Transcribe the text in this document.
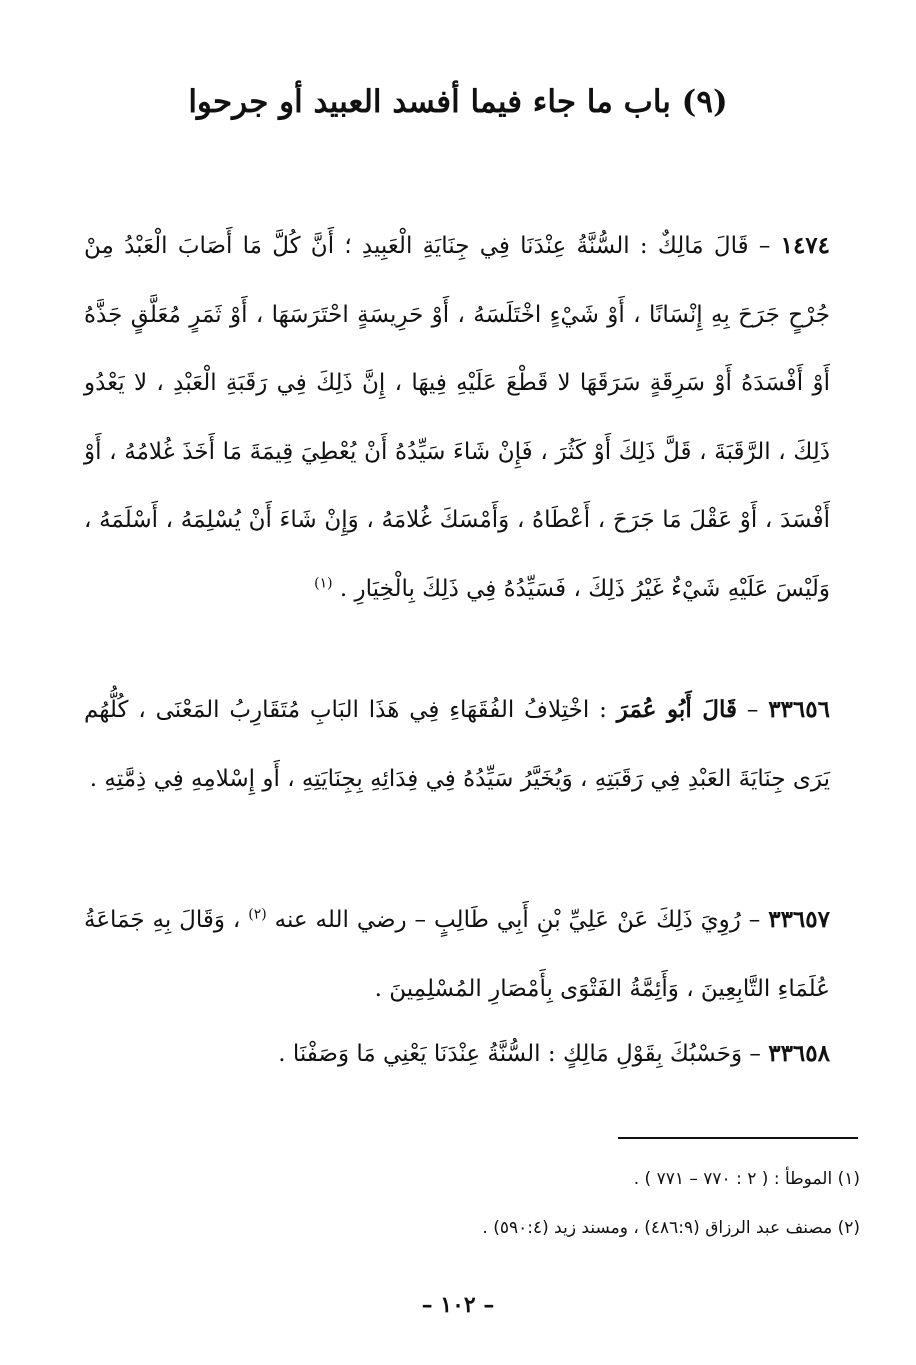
(٩) باب ما جاء فيما أفسد العبيد أو جرحوا

١٤٧٤ – قَالَ مَالِكٌ : السُّنَّةُ عِنْدَنَا فِي جِنَايَةِ الْعَبِيدِ ؛ أَنَّ كُلَّ مَا أَصَابَ الْعَبْدُ مِنْ جُرْحٍ جَرَحَ بِهِ إِنْسَانًا ، أَوْ شَيْءٍ اخْتَلَسَهُ ، أَوْ حَرِيسَةٍ احْتَرَسَهَا ، أَوْ ثَمَرٍ مُعَلَّقٍ جَذَّهُ أَوْ أَفْسَدَهُ أَوْ سَرِقَةٍ سَرَقَهَا لا قَطْعَ عَلَيْهِ فِيهَا ، إِنَّ ذَلِكَ فِي رَقَبَةِ الْعَبْدِ ، لا يَعْدُو ذَلِكَ ، الرَّقَبَةَ ، قَلَّ ذَلِكَ أَوْ كَثُرَ ، فَإِنْ شَاءَ سَيِّدُهُ أَنْ يُعْطِيَ قِيمَةَ مَا أَخَذَ غُلامُهُ ، أَوْ أَفْسَدَ ، أَوْ عَقْلَ مَا جَرَحَ ، أَعْطَاهُ ، وَأَمْسَكَ غُلامَهُ ، وَإِنْ شَاءَ أَنْ يُسْلِمَهُ ، أَسْلَمَهُ ، وَلَيْسَ عَلَيْهِ شَيْءٌ غَيْرُ ذَلِكَ ، فَسَيِّدُهُ فِي ذَلِكَ بِالْخِيَارِ . $^{(١)}$

٣٣٦٥٦ – قَالَ أَبُو عُمَرَ : اخْتِلافُ الفُقَهَاءِ فِي هَذَا البَابِ مُتَقَارِبُ المَعْنَى ، كُلُّهُم يَرَى جِنَايَةَ العَبْدِ فِي رَقَبَتِهِ ، وَيُخَيَّرُ سَيِّدُهُ فِي فِدَائِهِ بِجِنَايَتِهِ ، أَو إِسْلامِهِ فِي ذِمَّتِهِ .

٣٣٦٥٧ – رُوِيَ ذَلِكَ عَنْ عَلِيِّ بْنِ أَبِي طَالِبٍ – رضي الله عنه $^{(٢)}$ ، وَقَالَ بِهِ جَمَاعَةُ عُلَمَاءِ التَّابِعِينَ ، وَأَئِمَّةُ الفَتْوَى بِأَمْصَارِ المُسْلِمِينَ .

٣٣٦٥٨ – وَحَسْبُكَ بِقَوْلِ مَالِكٍ : السُّنَّةُ عِنْدَنَا يَعْنِي مَا وَصَفْنَا .

(١) الموطأ : ( ٢ : ٧٧٠ – ٧٧١ ) .
(٢) مصنف عبد الرزاق (٤٨٦:٩) ، ومسند زيد (٥٩٠:٤) .
– ١٠٢ –
